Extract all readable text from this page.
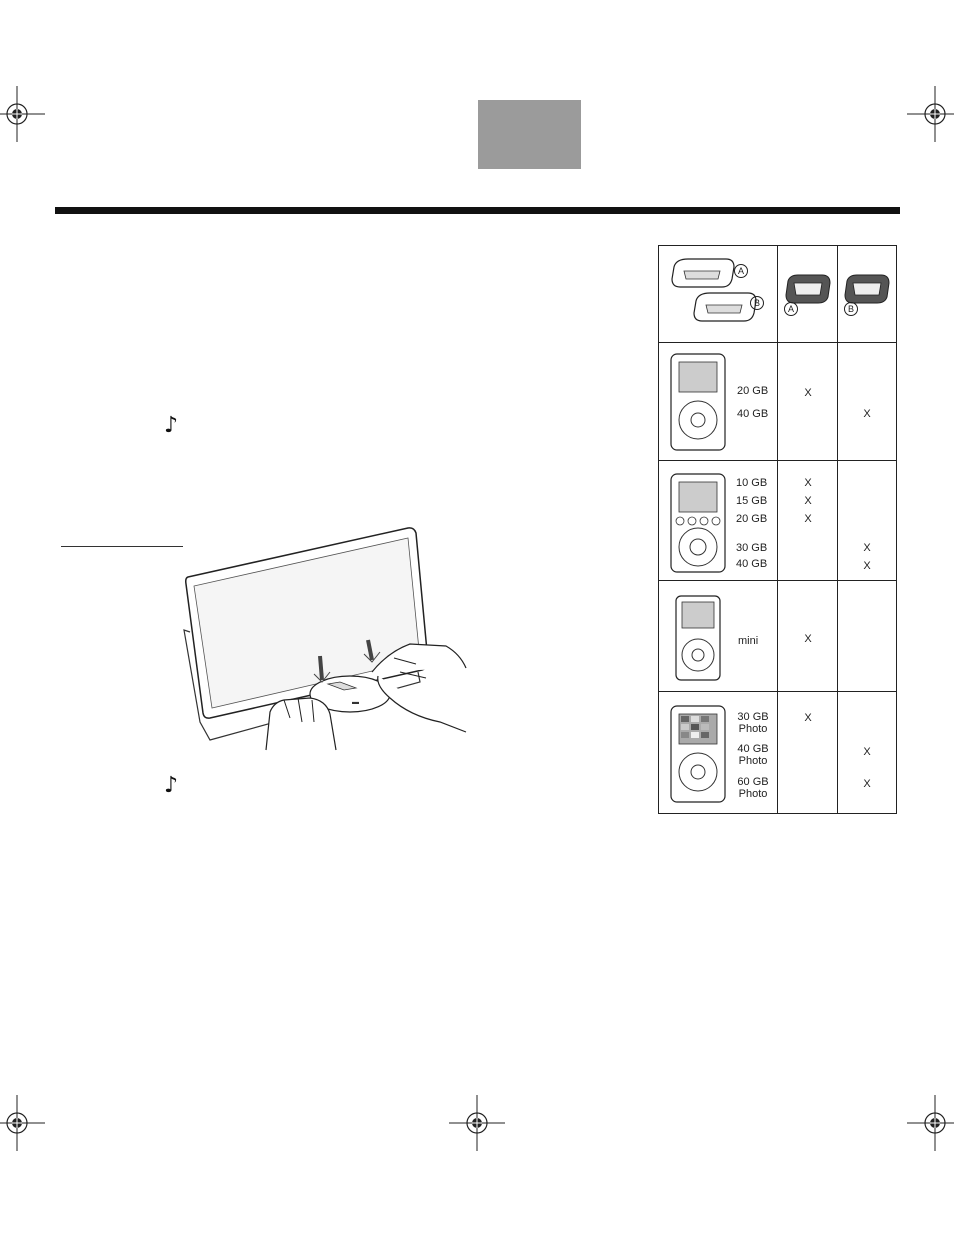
♪
♪
▬
A
B
A	B
20 GB
40 GB
X
X
10 GB
15 GB
20 GB
30 GB
40 GB
X
X
X
X
X
mini	X
30 GB Photo
40 GB Photo
60 GB Photo
X
X
X
